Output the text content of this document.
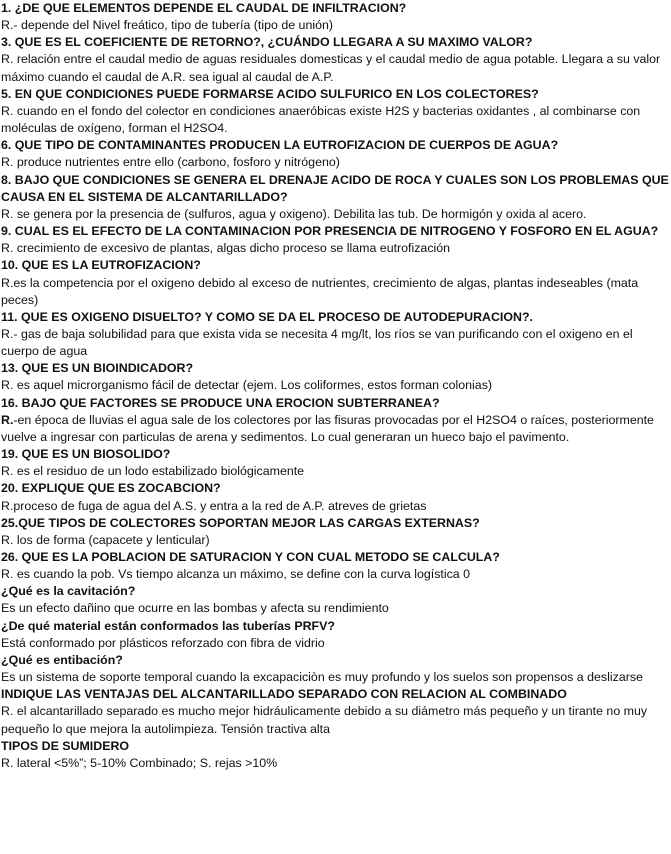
1. ¿DE QUE ELEMENTOS DEPENDE EL CAUDAL DE INFILTRACION?
R.- depende del Nivel freático, tipo de tubería (tipo de unión)
3. QUE ES EL COEFICIENTE DE RETORNO?, ¿CUÁNDO LLEGARA A SU MAXIMO VALOR?
R. relación entre el caudal medio de aguas residuales domesticas y el caudal medio de agua potable. Llegara a su valor máximo cuando el caudal de A.R. sea igual al caudal de A.P.
5. EN QUE CONDICIONES PUEDE FORMARSE ACIDO SULFURICO EN LOS COLECTORES?
R. cuando en el fondo del colector en condiciones anaeróbicas existe H2S y bacterias oxidantes , al combinarse con moléculas de oxígeno, forman el H2SO4.
6. QUE TIPO DE CONTAMINANTES PRODUCEN LA EUTROFIZACION DE CUERPOS DE AGUA?
R. produce nutrientes entre ello (carbono, fosforo y nitrógeno)
8. BAJO QUE CONDICIONES SE GENERA EL DRENAJE ACIDO DE ROCA Y CUALES SON LOS PROBLEMAS QUE CAUSA EN EL SISTEMA DE ALCANTARILLADO?
R. se genera por la presencia de (sulfuros, agua y oxigeno). Debilita las tub. De hormigón y oxida al acero.
9. CUAL ES EL EFECTO DE LA CONTAMINACION POR PRESENCIA DE NITROGENO Y FOSFORO EN EL AGUA?
R. crecimiento de excesivo de plantas, algas dicho proceso se llama eutrofización
10. QUE ES LA EUTROFIZACION?
R.es la competencia por el oxigeno debido al exceso de nutrientes, crecimiento de algas, plantas indeseables (mata peces)
11. QUE ES OXIGENO DISUELTO? Y COMO SE DA EL PROCESO DE AUTODEPURACION?.
R.- gas de baja solubilidad para que exista vida se necesita 4 mg/lt, los ríos se van purificando con el oxigeno en el cuerpo de agua
13. QUE ES UN BIOINDICADOR?
R. es aquel microrganismo fácil de detectar (ejem. Los coliformes, estos forman colonias)
16. BAJO QUE FACTORES SE PRODUCE UNA EROCION SUBTERRANEA?
R.-en época de lluvias el agua sale de los colectores por las fisuras provocadas por el H2SO4 o raíces, posteriormente vuelve a ingresar con particulas de arena y sedimentos. Lo cual generaran un hueco bajo el pavimento.
19. QUE ES UN BIOSOLIDO?
R. es el residuo de un lodo estabilizado biológicamente
20. EXPLIQUE QUE ES ZOCABCION?
R.proceso de fuga de agua del A.S. y entra a la red de A.P. atreves de grietas
25.QUE TIPOS DE COLECTORES SOPORTAN MEJOR LAS CARGAS EXTERNAS?
R. los de forma (capacete y lenticular)
26. QUE ES LA POBLACION DE SATURACION Y CON CUAL METODO SE CALCULA?
R. es cuando la pob. Vs tiempo alcanza un máximo, se define con la curva logística 0
¿Qué es la cavitación?
Es un efecto dañino que ocurre en las bombas y afecta su rendimiento
¿De qué material están conformados las tuberías PRFV?
Está conformado por plásticos reforzado con fibra de vidrio
¿Qué es entibación?
Es un sistema de soporte temporal cuando la excapaciciòn es muy profundo y los suelos son propensos a deslizarse
INDIQUE LAS VENTAJAS DEL ALCANTARILLADO SEPARADO CON RELACION AL COMBINADO
R. el alcantarillado separado es mucho mejor hidráulicamente debido a su diámetro más pequeño y un tirante no muy pequeño lo que mejora la autolimpieza. Tensión tractiva alta
TIPOS DE SUMIDERO
R. lateral <5%”; 5-10% Combinado; S. rejas >10%
